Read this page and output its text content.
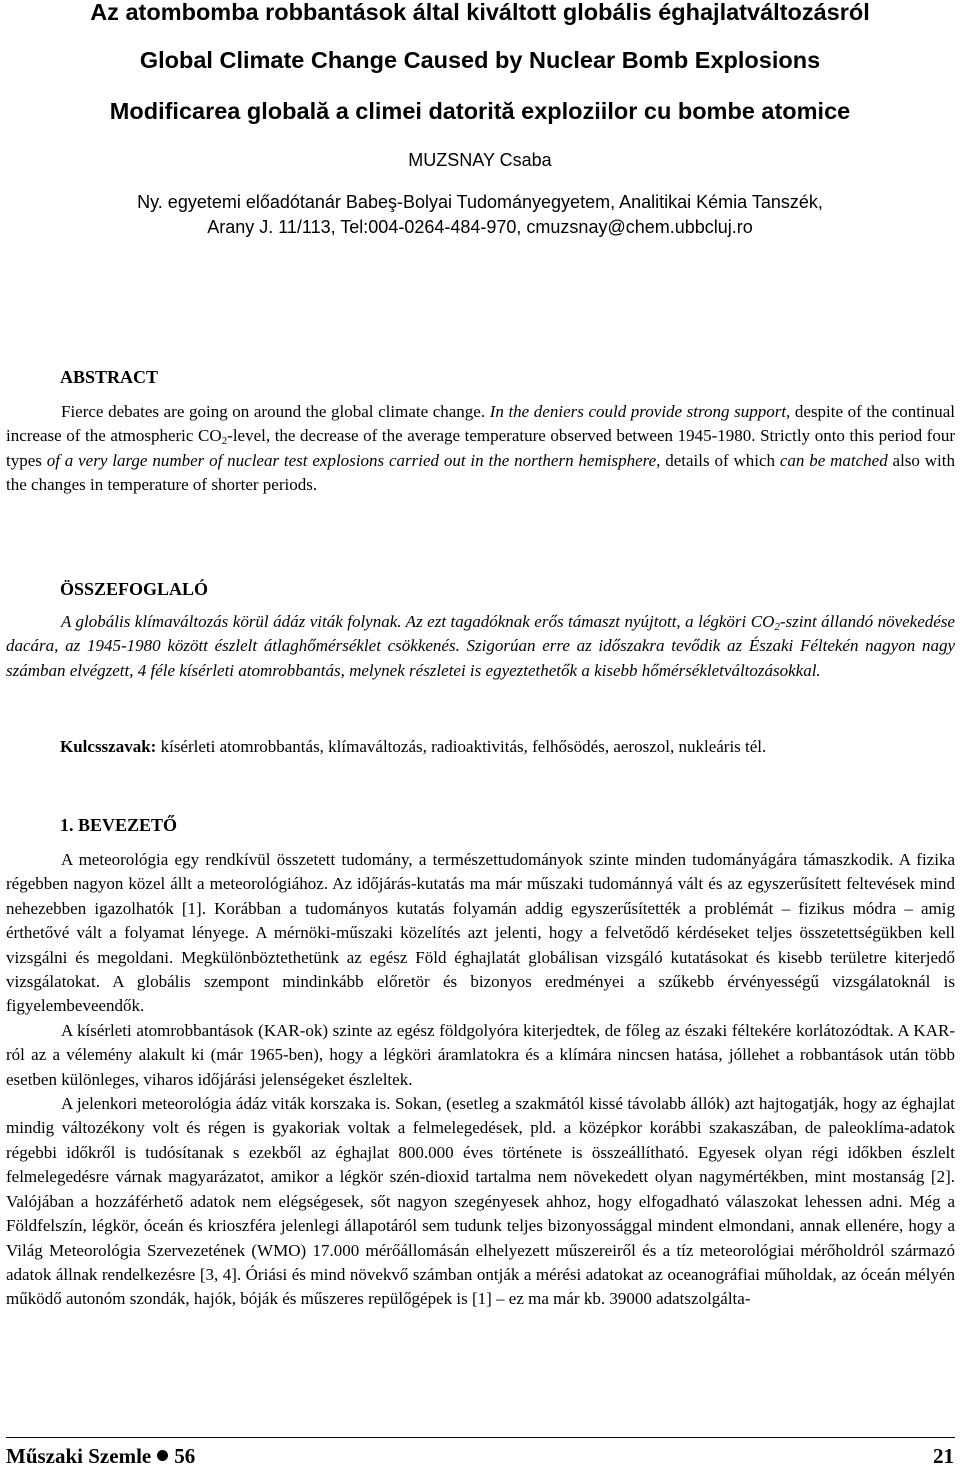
Az atombomba robbantások által kiváltott globális éghajlatváltozásról
Global Climate Change Caused by Nuclear Bomb Explosions
Modificarea globală a climei datorită exploziilor cu bombe atomice
MUZSNAY Csaba
Ny. egyetemi előadótanár Babeş-Bolyai Tudományegyetem, Analitikai Kémia Tanszék,
Arany J. 11/113, Tel:004-0264-484-970, cmuzsnay@chem.ubbcluj.ro
ABSTRACT
Fierce debates are going on around the global climate change. In the deniers could provide strong support, despite of the continual increase of the atmospheric $CO_2$-level, the decrease of the average temperature observed between 1945-1980. Strictly onto this period four types of a very large number of nuclear test explosions carried out in the northern hemisphere, details of which can be matched also with the changes in temperature of shorter periods.
ÖSSZEFOGLALÓ
A globális klímaváltozás körül ádáz viták folynak. Az ezt tagadóknak erős támaszt nyújtott, a légköri $CO_2$-szint állandó növekedése dacára, az 1945-1980 között észlelt átlaghőmérséklet csökkenés. Szigorúan erre az időszakra tevődik az Északi Féltekén nagyon nagy számban elvégzett, 4 féle kísérleti atomrobbantás, melynek részletei is egyeztethetők a kisebb hőmérsékletváltozásokkal.
Kulcsszavak: kísérleti atomrobbantás, klímaváltozás, radioaktivitás, felhősödés, aeroszol, nukleáris tél.
1. BEVEZETŐ

A meteorológia egy rendkívül összetett tudomány, a természettudományok szinte minden tudományágára támaszkodik. A fizika régebben nagyon közel állt a meteorológiához. Az időjárás-kutatás ma már műszaki tudománnyá vált és az egyszerűsített feltevések mind nehezebben igazolhatók [1]. Korábban a tudományos kutatás folyamán addig egyszerűsítették a problémát – fizikus módra – amig érthetővé vált a folyamat lényege. A mérnöki-műszaki közelítés azt jelenti, hogy a felvetődő kérdéseket teljes összetettségükben kell vizsgálni és megoldani. Megkülönböztethetünk az egész Föld éghajlatát globálisan vizsgáló kutatásokat és kisebb területre kiterjedő vizsgálatokat. A globális szempont mindinkább előretör és bizonyos eredményei a szűkebb érvényességű vizsgálatoknál is figyelembeveendők.

A kísérleti atomrobbantások (KAR-ok) szinte az egész földgolyóra kiterjedtek, de főleg az északi féltekére korlátozódtak. A KAR-ról az a vélemény alakult ki (már 1965-ben), hogy a légköri áramlatokra és a klímára nincsen hatása, jóllehet a robbantások után több esetben különleges, viharos időjárási jelenségeket észleltek.

A jelenkori meteorológia ádáz viták korszaka is. Sokan, (esetleg a szakmától kissé távolabb állók) azt hajtogatják, hogy az éghajlat mindig változékony volt és régen is gyakoriak voltak a felmelegedések, pld. a középkor korábbi szakaszában, de paleoklíma-adatok régebbi időkről is tudósítanak s ezekből az éghajlat 800.000 éves története is összeállítható. Egyesek olyan régi időkben észlelt felmelegedésre várnak magyarázatot, amikor a légkör szén-dioxid tartalma nem növekedett olyan nagymértékben, mint mostanság [2]. Valójában a hozzáférhető adatok nem elégségesek, sőt nagyon szegényesek ahhoz, hogy elfogadható válaszokat lehessen adni. Még a Földfelszín, légkör, óceán és krioszféra jelenlegi állapotáról sem tudunk teljes bizonyossággal mindent elmondani, annak ellenére, hogy a Világ Meteorológia Szervezetének (WMO) 17.000 mérőállomásán elhelyezett műszereiről és a tíz meteorológiai mérőholdról származó adatok állnak rendelkezésre [3, 4]. Óriási és mind növekvő számban ontják a mérési adatokat az oceanográfiai műholdak, az óceán mélyén működő autonóm szondák, hajók, bóják és műszeres repülőgépek is [1] – ez ma már kb. 39000 adatszolgálta-

Műszaki Szemle 56	21
